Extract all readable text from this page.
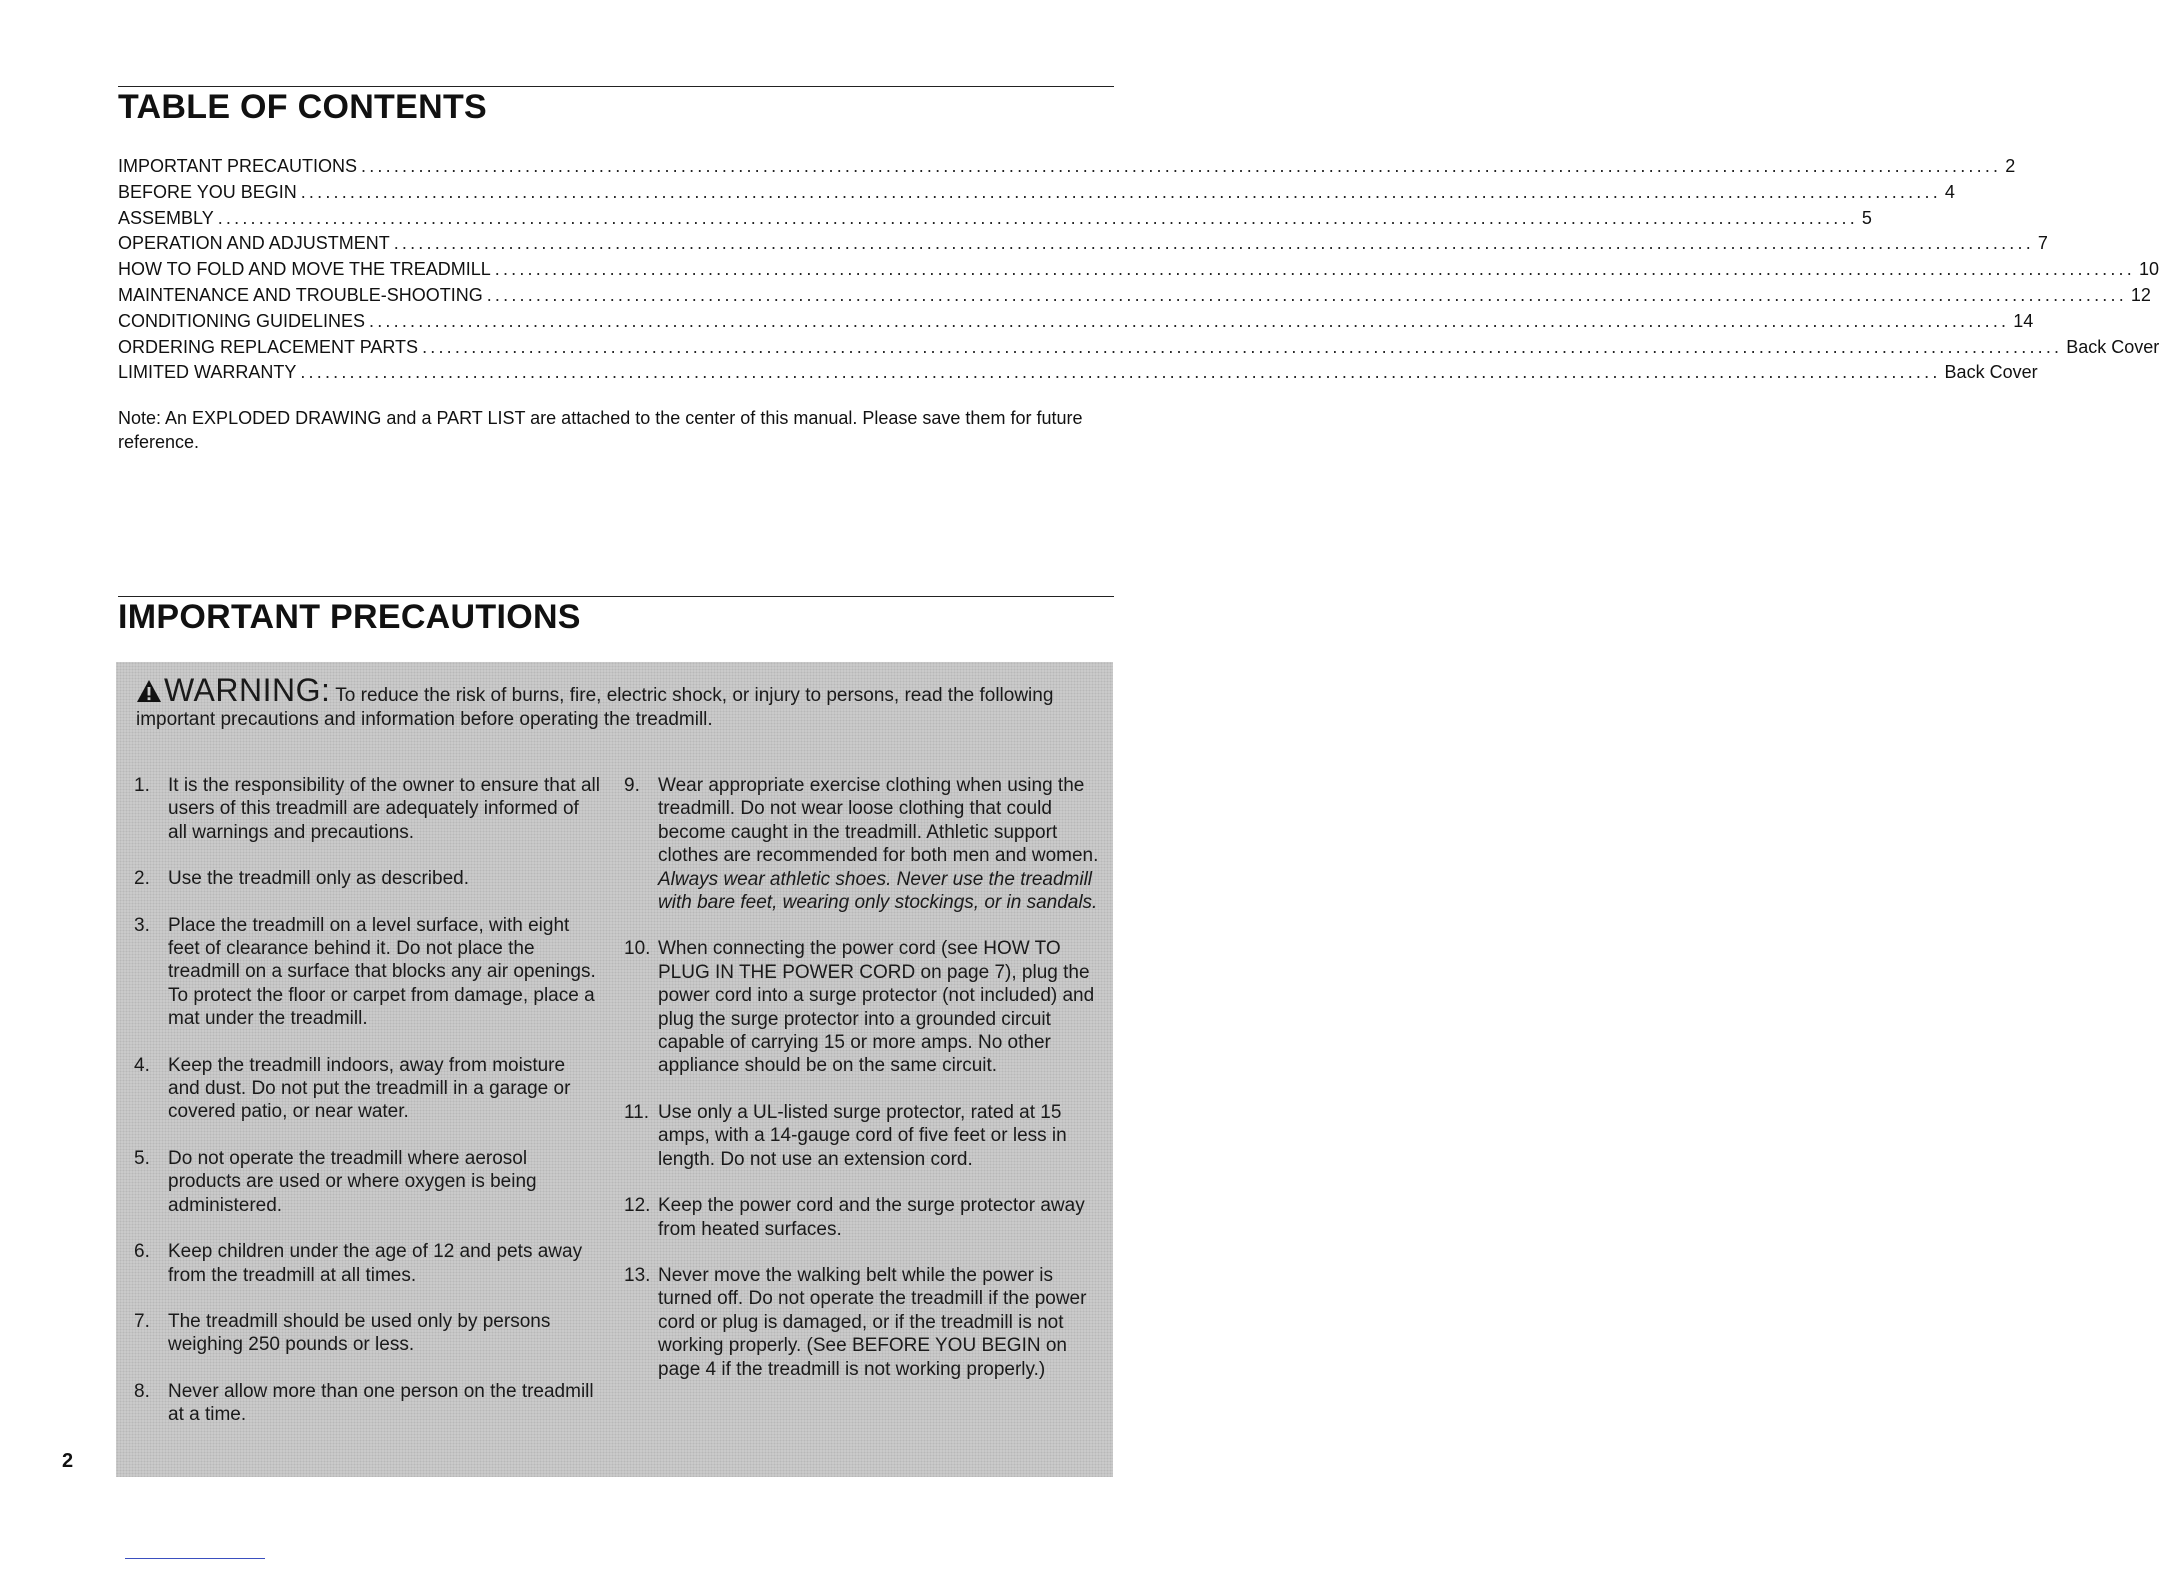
TABLE OF CONTENTS
IMPORTANT PRECAUTIONS ........................................................................................................................................................................................................ 2
BEFORE YOU BEGIN ........................................................................................................................................................................................................ 4
ASSEMBLY ........................................................................................................................................................................................................ 5
OPERATION AND ADJUSTMENT ........................................................................................................................................................................................................ 7
HOW TO FOLD AND MOVE THE TREADMILL ........................................................................................................................................................................................................ 10
MAINTENANCE AND TROUBLE-SHOOTING ........................................................................................................................................................................................................ 12
CONDITIONING GUIDELINES ........................................................................................................................................................................................................ 14
ORDERING REPLACEMENT PARTS ........................................................................................................................................................................................................ Back Cover
LIMITED WARRANTY ........................................................................................................................................................................................................ Back Cover

Note: An EXPLODED DRAWING and a PART LIST are attached to the center of this manual. Please save them for future reference.

IMPORTANT PRECAUTIONS

WARNING: To reduce the risk of burns, fire, electric shock, or injury to persons, read the following important precautions and information before operating the treadmill.

1. It is the responsibility of the owner to ensure that all users of this treadmill are adequately informed of all warnings and precautions.
2. Use the treadmill only as described.
3. Place the treadmill on a level surface, with eight feet of clearance behind it. Do not place the treadmill on a surface that blocks any air openings. To protect the floor or carpet from damage, place a mat under the treadmill.
4. Keep the treadmill indoors, away from moisture and dust. Do not put the treadmill in a garage or covered patio, or near water.
5. Do not operate the treadmill where aerosol products are used or where oxygen is being administered.
6. Keep children under the age of 12 and pets away from the treadmill at all times.
7. The treadmill should be used only by persons weighing 250 pounds or less.
8. Never allow more than one person on the treadmill at a time.
9. Wear appropriate exercise clothing when using the treadmill. Do not wear loose clothing that could become caught in the treadmill. Athletic support clothes are recommended for both men and women. Always wear athletic shoes. Never use the treadmill with bare feet, wearing only stockings, or in sandals.
10. When connecting the power cord (see HOW TO PLUG IN THE POWER CORD on page 7), plug the power cord into a surge protector (not included) and plug the surge protector into a grounded circuit capable of carrying 15 or more amps. No other appliance should be on the same circuit.
11. Use only a UL-listed surge protector, rated at 15 amps, with a 14-gauge cord of five feet or less in length. Do not use an extension cord.
12. Keep the power cord and the surge protector away from heated surfaces.
13. Never move the walking belt while the power is turned off. Do not operate the treadmill if the power cord or plug is damaged, or if the treadmill is not working properly. (See BEFORE YOU BEGIN on page 4 if the treadmill is not working properly.)

2
